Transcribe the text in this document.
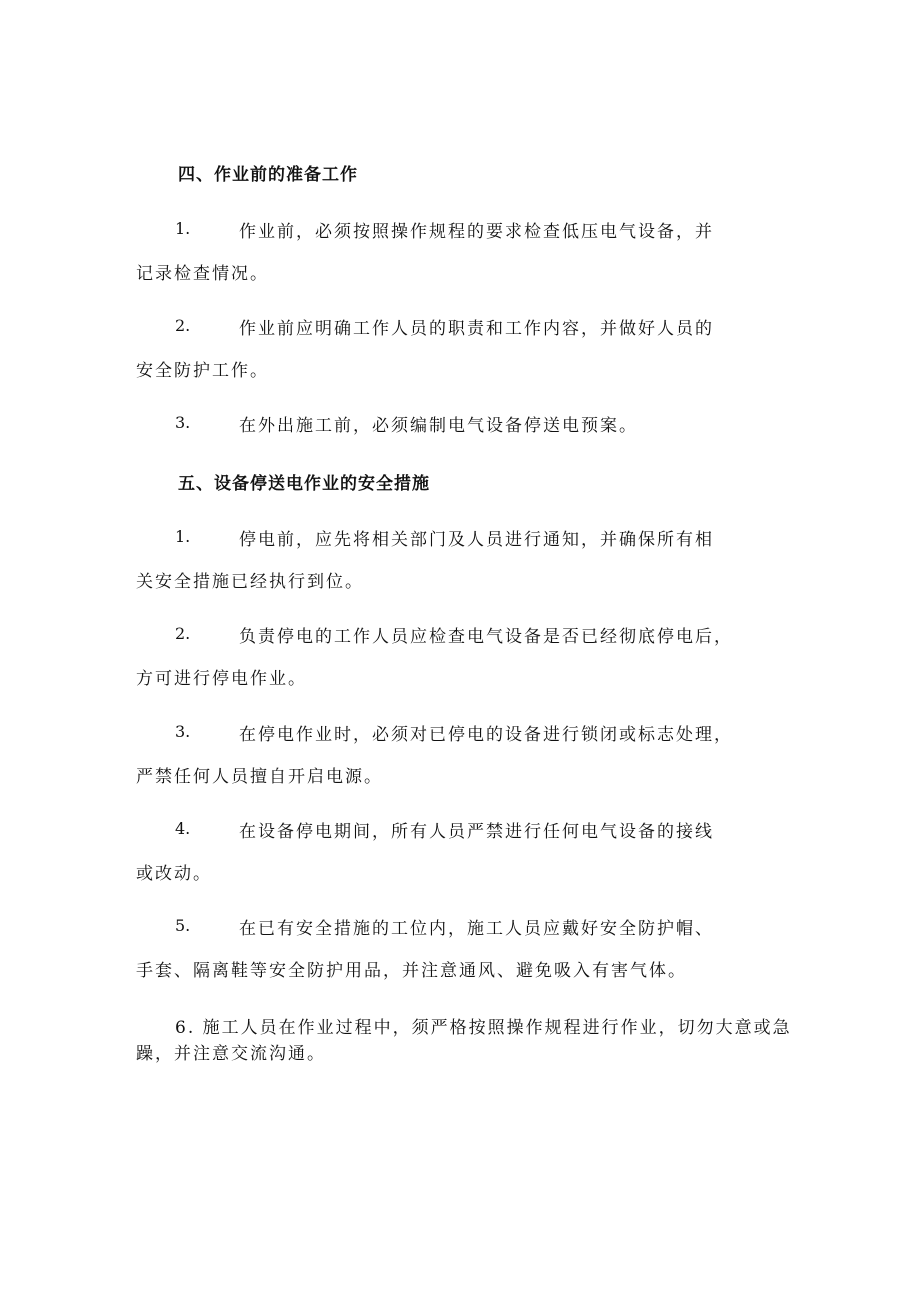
四、作业前的准备工作
1.	作业前，必须按照操作规程的要求检查低压电气设备，并
记录检查情况。
2.	作业前应明确工作人员的职责和工作内容，并做好人员的
安全防护工作。
3.	在外出施工前，必须编制电气设备停送电预案。
五、设备停送电作业的安全措施
1.	停电前，应先将相关部门及人员进行通知，并确保所有相
关安全措施已经执行到位。
2.	负责停电的工作人员应检查电气设备是否已经彻底停电后，
方可进行停电作业。
3.	在停电作业时，必须对已停电的设备进行锁闭或标志处理，
严禁任何人员擅自开启电源。
4.	在设备停电期间，所有人员严禁进行任何电气设备的接线
或改动。
5.	在已有安全措施的工位内，施工人员应戴好安全防护帽、
手套、隔离鞋等安全防护用品，并注意通风、避免吸入有害气体。
6. 施工人员在作业过程中，须严格按照操作规程进行作业，切勿大意或急
躁，并注意交流沟通。
